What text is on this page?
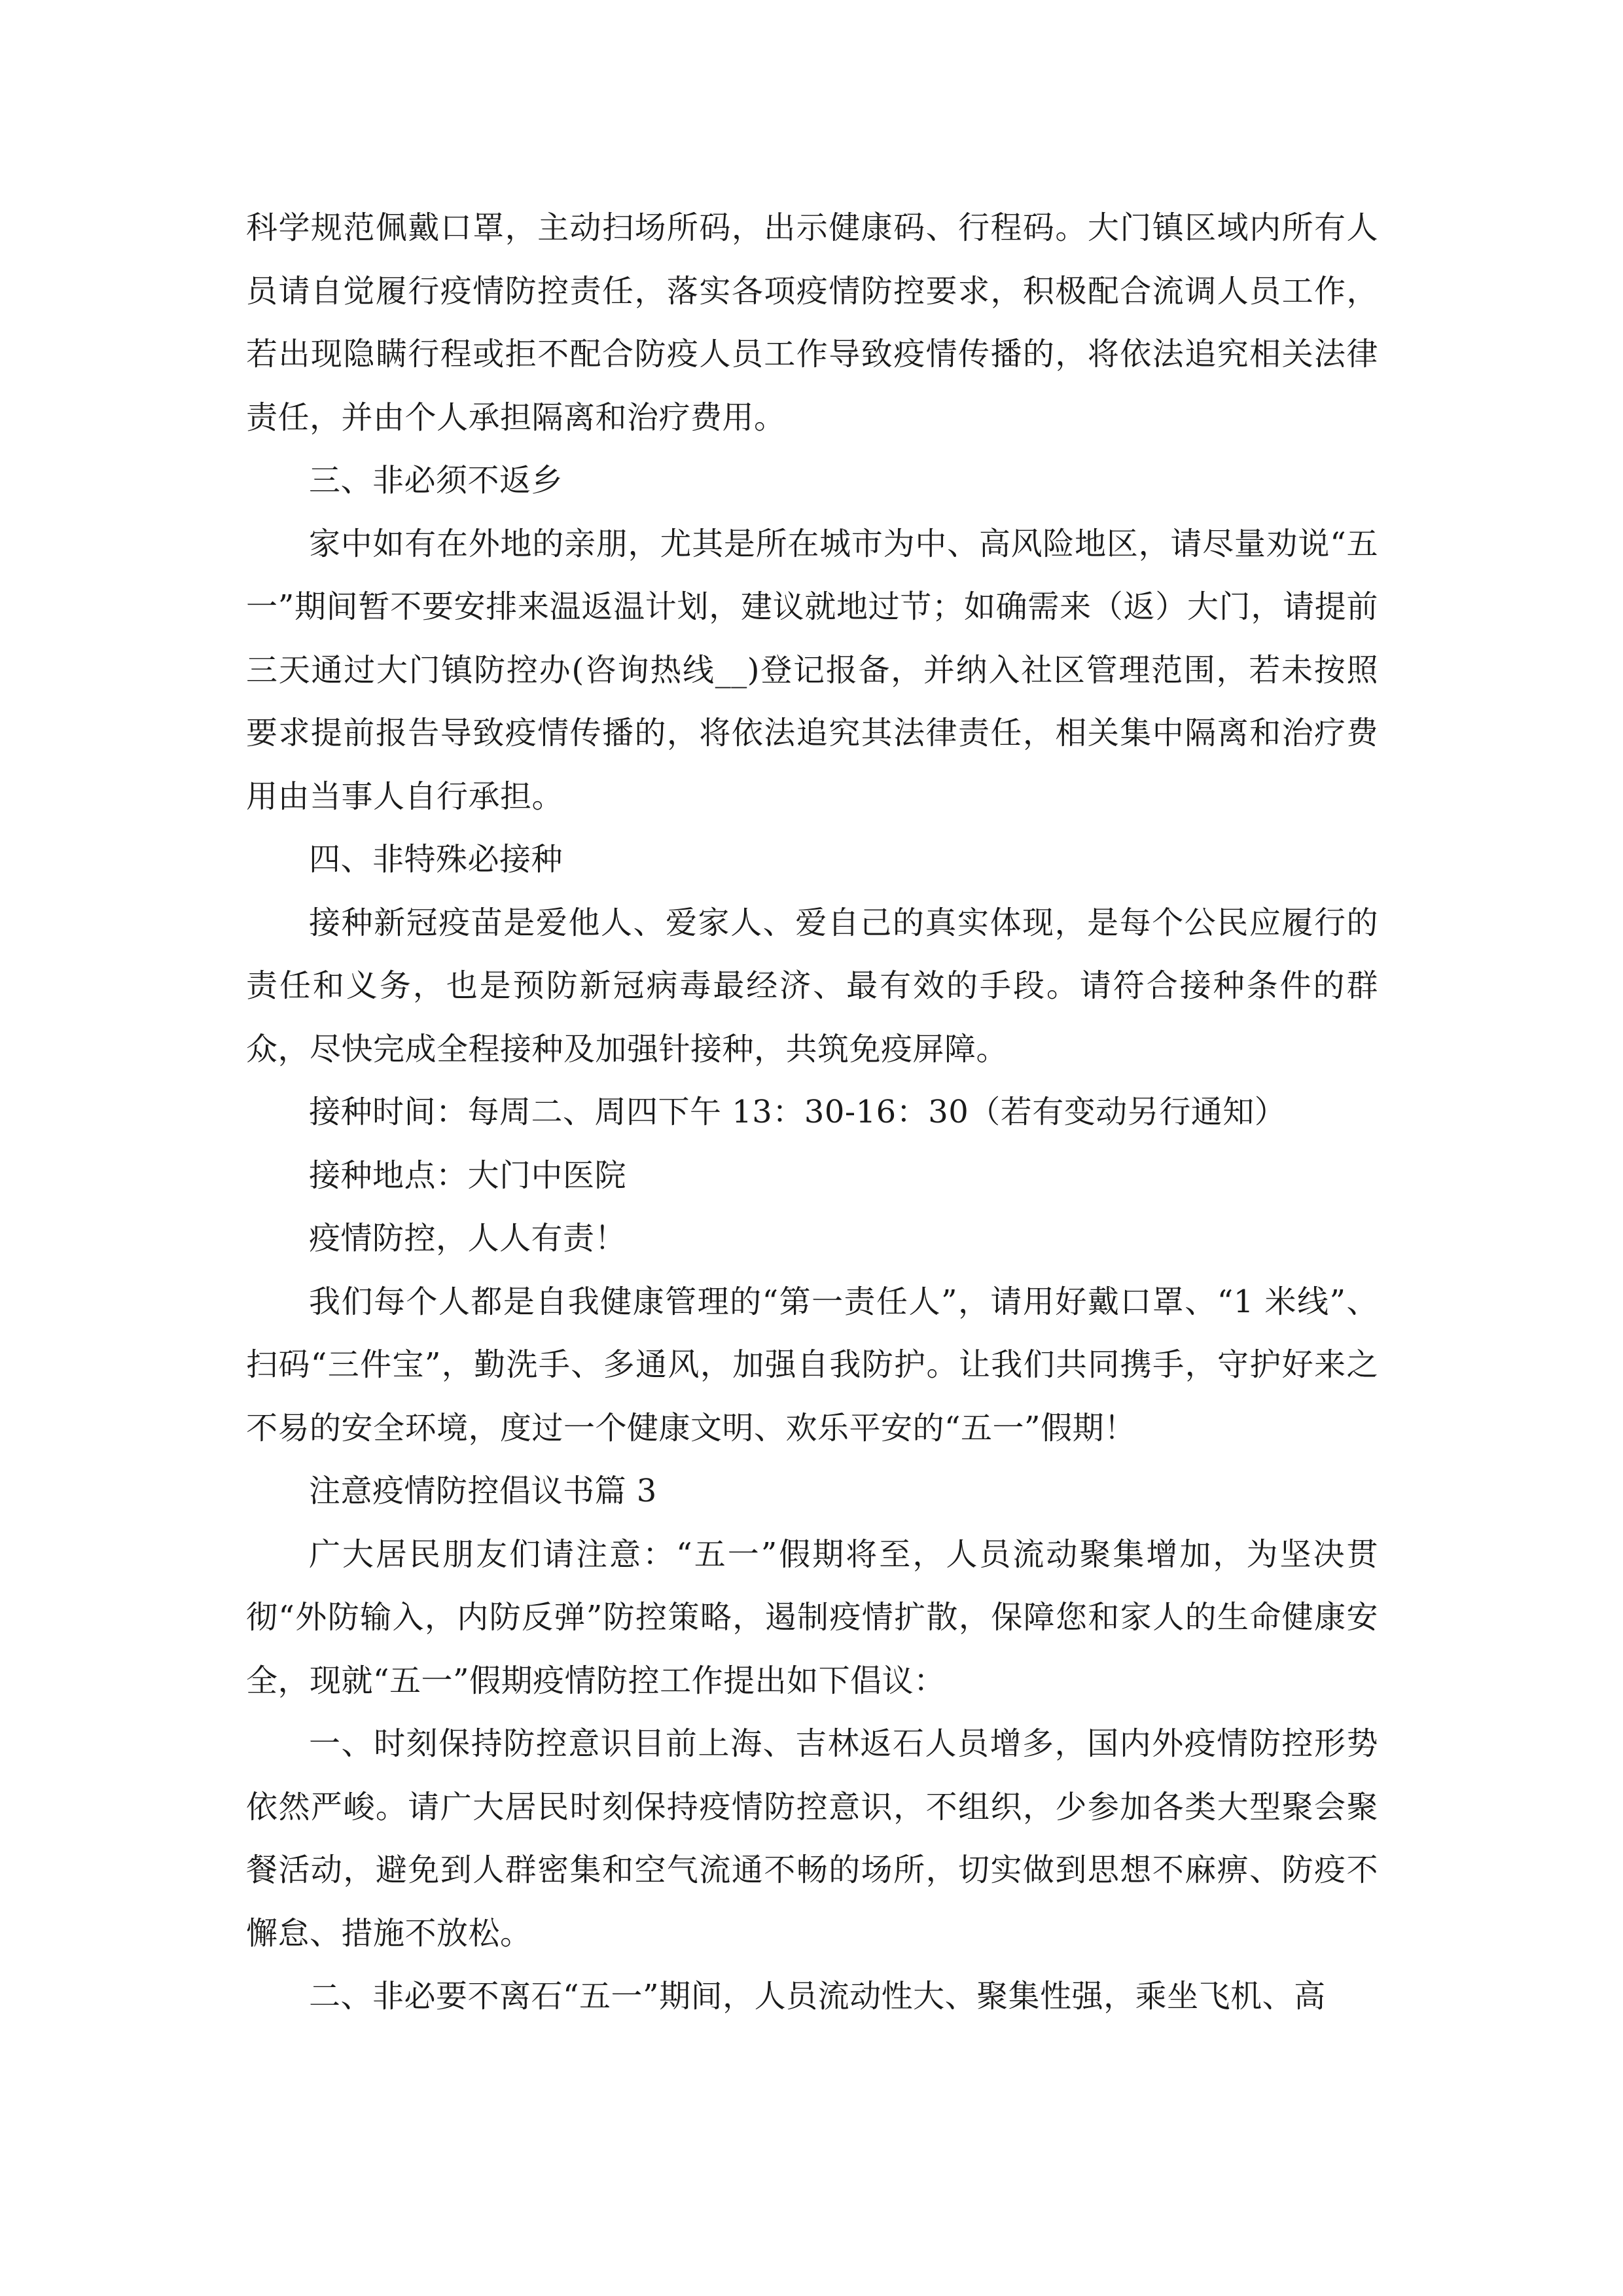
科学规范佩戴口罩，主动扫场所码，出示健康码、行程码。大门镇区域内所有人员请自觉履行疫情防控责任，落实各项疫情防控要求，积极配合流调人员工作，若出现隐瞒行程或拒不配合防疫人员工作导致疫情传播的，将依法追究相关法律责任，并由个人承担隔离和治疗费用。

三、非必须不返乡

家中如有在外地的亲朋，尤其是所在城市为中、高风险地区，请尽量劝说“五一”期间暂不要安排来温返温计划，建议就地过节；如确需来（返）大门，请提前三天通过大门镇防控办(咨询热线__)登记报备，并纳入社区管理范围，若未按照要求提前报告导致疫情传播的，将依法追究其法律责任，相关集中隔离和治疗费用由当事人自行承担。

四、非特殊必接种

接种新冠疫苗是爱他人、爱家人、爱自己的真实体现，是每个公民应履行的责任和义务，也是预防新冠病毒最经济、最有效的手段。请符合接种条件的群众，尽快完成全程接种及加强针接种，共筑免疫屏障。

接种时间：每周二、周四下午 13：30-16：30（若有变动另行通知）

接种地点：大门中医院

疫情防控，人人有责！

我们每个人都是自我健康管理的“第一责任人”，请用好戴口罩、“1 米线”、扫码“三件宝”，勤洗手、多通风，加强自我防护。让我们共同携手，守护好来之不易的安全环境，度过一个健康文明、欢乐平安的“五一”假期！

注意疫情防控倡议书篇 3

广大居民朋友们请注意：“五一”假期将至，人员流动聚集增加，为坚决贯彻“外防输入，内防反弹”防控策略，遏制疫情扩散，保障您和家人的生命健康安全，现就“五一”假期疫情防控工作提出如下倡议：

一、时刻保持防控意识目前上海、吉林返石人员增多，国内外疫情防控形势依然严峻。请广大居民时刻保持疫情防控意识，不组织，少参加各类大型聚会聚餐活动，避免到人群密集和空气流通不畅的场所，切实做到思想不麻痹、防疫不懈怠、措施不放松。

二、非必要不离石“五一”期间，人员流动性大、聚集性强，乘坐飞机、高
